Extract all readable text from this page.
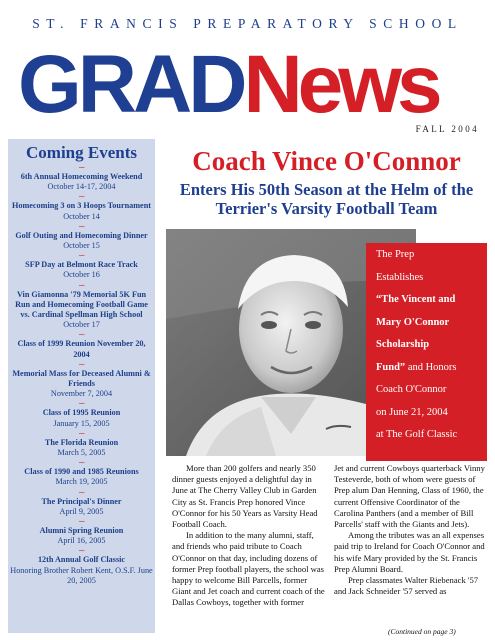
ST. FRANCIS PREPARATORY SCHOOL
GRADNews
FALL 2004
Coming Events
---
6th Annual Homecoming Weekend
October 14-17, 2004
---
Homecoming 3 on 3 Hoops Tournament
October 14
---
Golf Outing and Homecoming Dinner
October 15
---
SFP Day at Belmont Race Track
October 16
---
Vin Giamonna '79 Memorial 5K Fun Run and Homecoming Football Game vs. Cardinal Spellman High School
October 17
---
Class of 1999 Reunion November 20, 2004
---
Memorial Mass for Deceased Alumni & Friends
November 7, 2004
---
Class of 1995 Reunion
January 15, 2005
---
The Florida Reunion
March 5, 2005
---
Class of 1990 and 1985 Reunions
March 19, 2005
---
The Principal's Dinner
April 9, 2005
---
Alumni Spring Reunion
April 16, 2005
---
12th Annual Golf Classic
Honoring Brother Robert Kent, O.S.F. June 20, 2005
Coach Vince O'Connor
Enters His 50th Season at the Helm of the Terrier's Varsity Football Team
The Prep
Establishes
“The Vincent and
Mary O'Connor
Scholarship
Fund” and Honors
Coach O'Connor
on June 21, 2004
at The Golf Classic

More than 200 golfers and nearly 350 dinner guests enjoyed a delightful day in June at The Cherry Valley Club in Garden City as St. Francis Prep honored Vince O'Connor for his 50 Years as Varsity Head Football Coach.

In addition to the many alumni, staff, and friends who paid tribute to Coach O'Connor on that day, including dozens of former Prep football players, the school was happy to welcome Bill Parcells, former Giant and Jet coach and current coach of the Dallas Cowboys, together with former

Jet and current Cowboys quarterback Vinny Testeverde, both of whom were guests of Prep alum Dan Henning, Class of 1960, the current Offensive Coordinator of the Carolina Panthers (and a member of Bill Parcells' staff with the Giants and Jets).

Among the tributes was an all expenses paid trip to Ireland for Coach O'Connor and his wife Mary provided by the St. Francis Prep Alumni Board.

Prep classmates Walter Riebenack '57 and Jack Schneider '57 served as

(Continued on page 3)
